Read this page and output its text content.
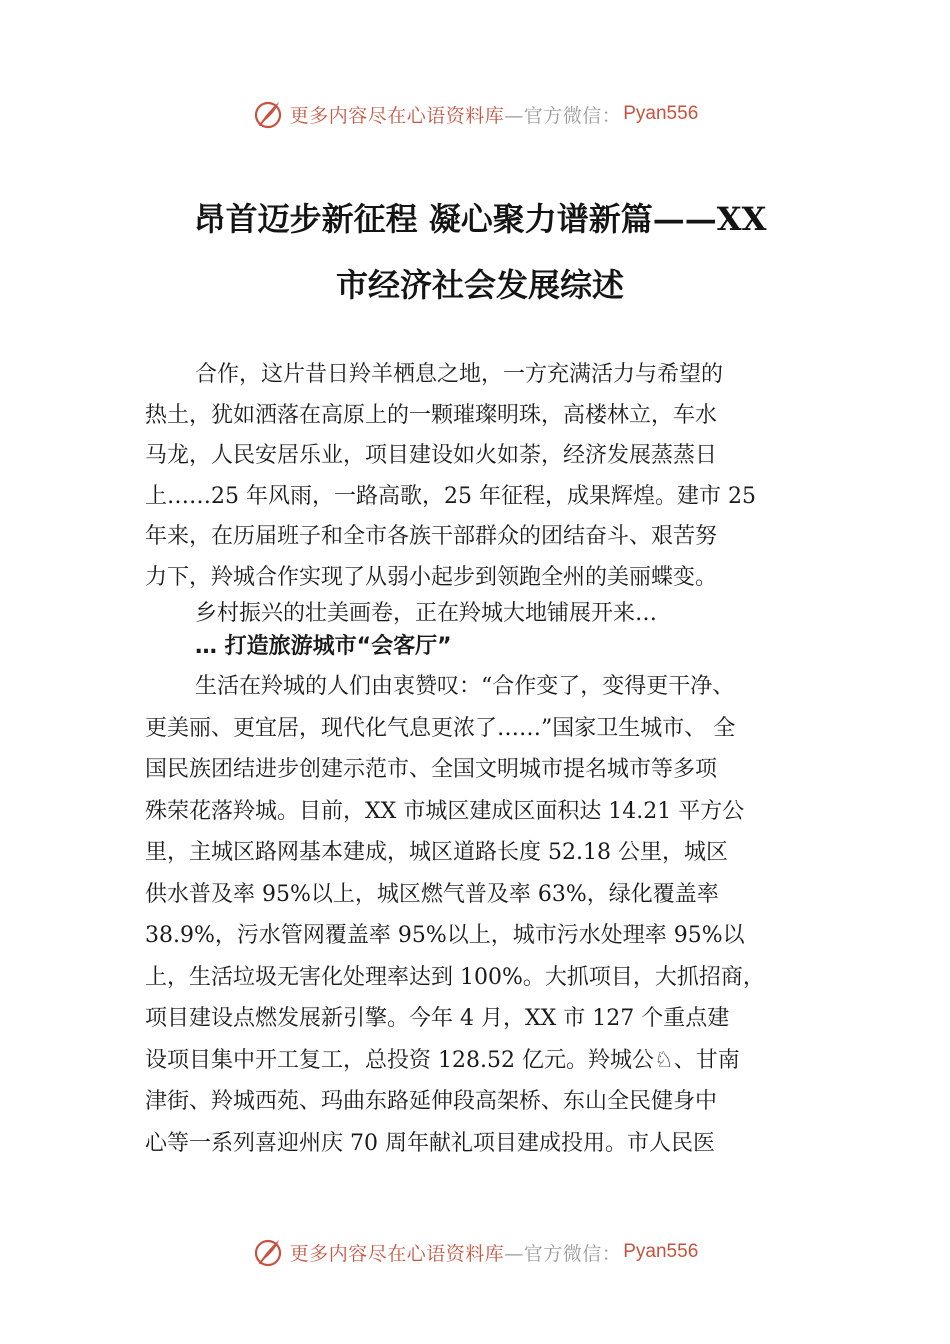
更多内容尽在心语资料库 —官方微信： Pyan556
昂首迈步新征程 凝心聚力谱新篇——XX
市经济社会发展综述
合作，这片昔日羚羊栖息之地，一方充满活力与希望的
热土，犹如洒落在高原上的一颗璀璨明珠，高楼林立，车水
马龙，人民安居乐业，项目建设如火如荼，经济发展蒸蒸日
上……25 年风雨，一路高歌，25 年征程，成果辉煌。建市 25
年来，在历届班子和全市各族干部群众的团结奋斗、艰苦努
力下，羚城合作实现了从弱小起步到领跑全州的美丽蝶变。
乡村振兴的壮美画卷，正在羚城大地铺展开来…
… 打造旅游城市“会客厅”
生活在羚城的人们由衷赞叹：“合作变了，变得更干净、
更美丽、更宜居，现代化气息更浓了……”国家卫生城市、 全
国民族团结进步创建示范市、全国文明城市提名城市等多项
殊荣花落羚城。目前，XX 市城区建成区面积达 14.21 平方公
里，主城区路网基本建成，城区道路长度 52.18 公里，城区
供水普及率 95%以上，城区燃气普及率 63%，绿化覆盖率
38.9%，污水管网覆盖率 95%以上，城市污水处理率 95%以
上，生活垃圾无害化处理率达到 100%。大抓项目，大抓招商，
项目建设点燃发展新引擎。今年 4 月，XX 市 127 个重点建
设项目集中开工复工，总投资 128.52 亿元。羚城公♘、甘南
津街、羚城西苑、玛曲东路延伸段高架桥、东山全民健身中
心等一系列喜迎州庆 70 周年献礼项目建成投用。市人民医
更多内容尽在心语资料库 —官方微信： Pyan556
